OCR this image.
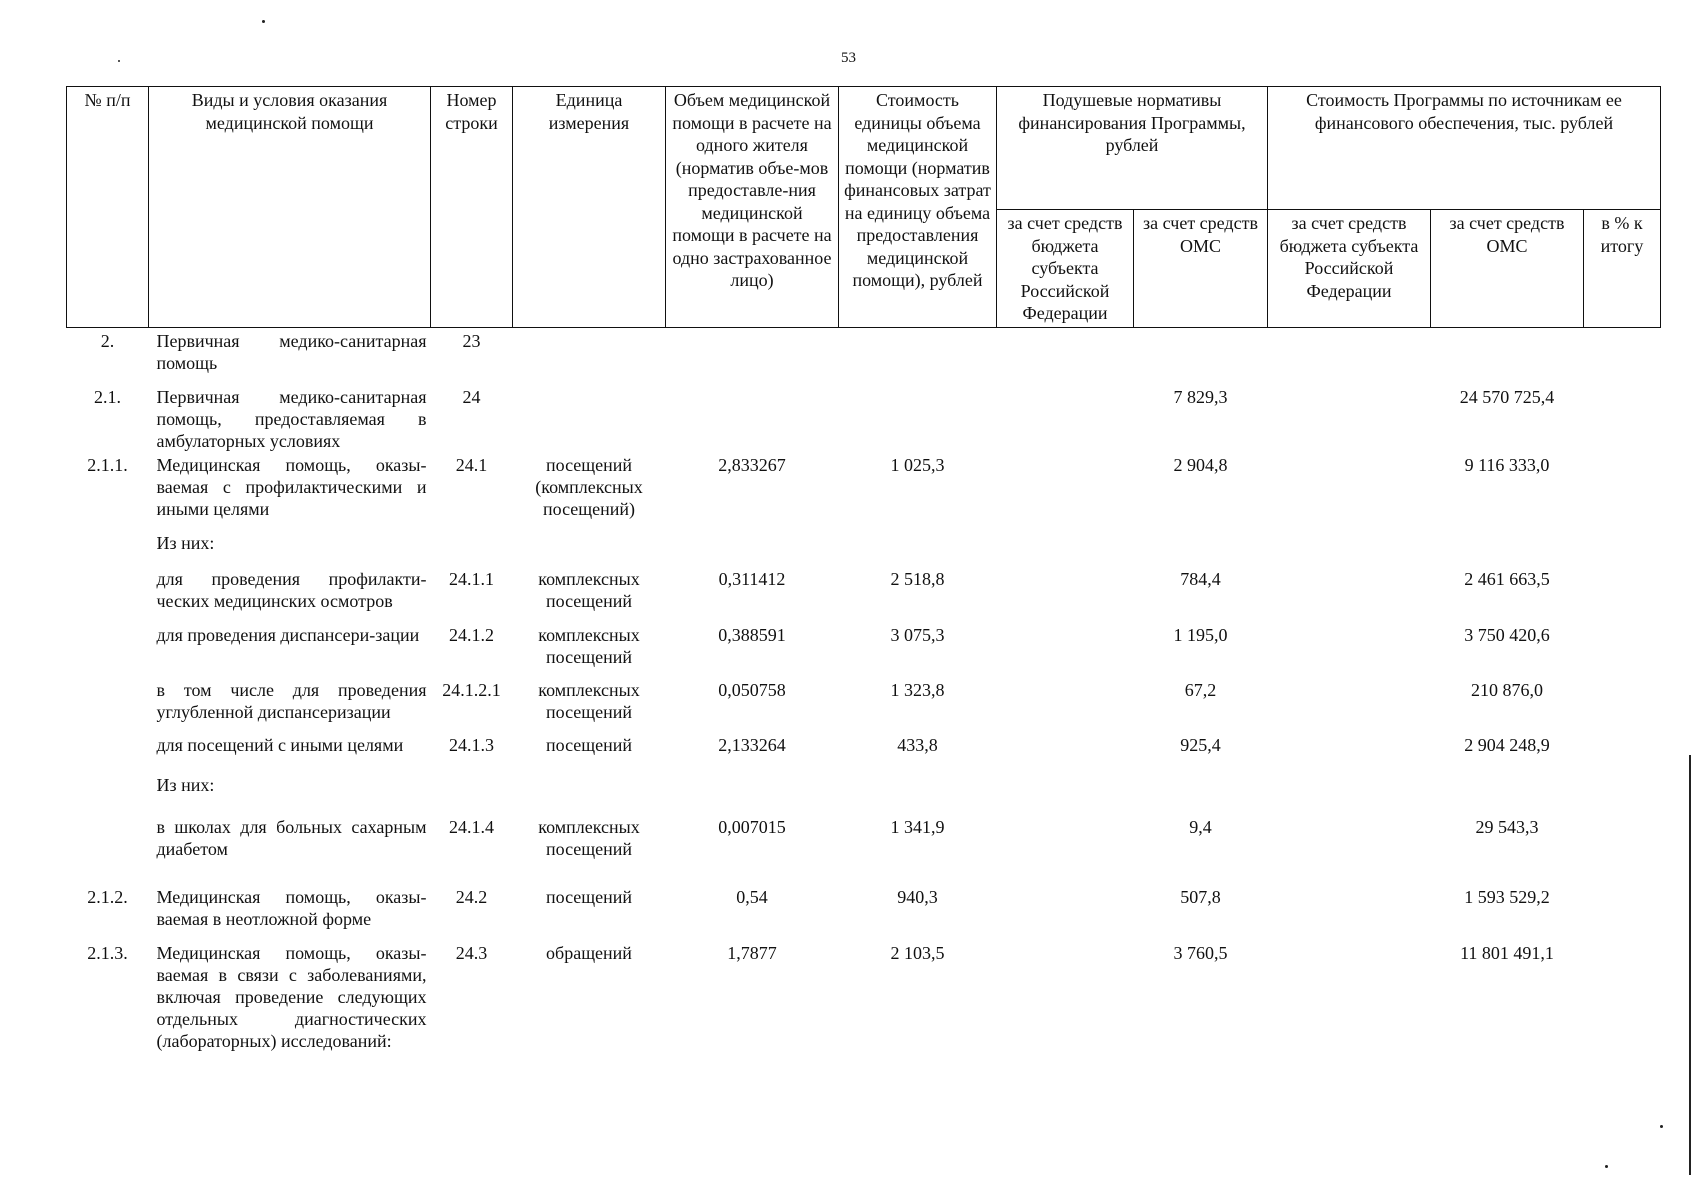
53
№ п/п	Виды и условия оказания медицинской помощи	Номер строки	Единица измерения	Объем медицинской помощи в расчете на одного жителя (норматив объе-мов предоставле-ния медицинской помощи в расчете на одно застрахованное лицо)	Стоимость единицы объема медицинской помощи (норматив финансовых затрат на единицу объема предоставления медицинской помощи), рублей	Подушевые нормативы финансирования Программы, рублей		Стоимость Программы по источникам ее финансового обеспечения, тыс. рублей		
						за счет средств бюджета субъекта Российской Федерации	за счет средств ОМС	за счет средств бюджета субъекта Российской Федерации	за счет средств ОМС	в % к итогу
2.	Первичная медико-санитарная помощь	23								
2.1.	Первичная медико-санитарная помощь, предоставляемая в амбулаторных условиях	24					7 829,3		24 570 725,4	
2.1.1.	Медицинская помощь, оказы-ваемая с профилактическими и иными целями	24.1	посещений (комплексных посещений)	2,833267	1 025,3		2 904,8		9 116 333,0	
	Из них:									
	для проведения профилакти-ческих медицинских осмотров	24.1.1	комплексных посещений	0,311412	2 518,8		784,4		2 461 663,5	
	для проведения диспансери-зации	24.1.2	комплексных посещений	0,388591	3 075,3		1 195,0		3 750 420,6	
	в том числе для проведения углубленной диспансеризации	24.1.2.1	комплексных посещений	0,050758	1 323,8		67,2		210 876,0	
	для посещений с иными целями	24.1.3	посещений	2,133264	433,8		925,4		2 904 248,9	
	Из них:									
	в школах для больных сахарным диабетом	24.1.4	комплексных посещений	0,007015	1 341,9		9,4		29 543,3	
2.1.2.	Медицинская помощь, оказы-ваемая в неотложной форме	24.2	посещений	0,54	940,3		507,8		1 593 529,2	
2.1.3.	Медицинская помощь, оказы-ваемая в связи с заболеваниями, включая проведение следующих отдельных диагностических (лабораторных) исследований:	24.3	обращений	1,7877	2 103,5		3 760,5		11 801 491,1	
